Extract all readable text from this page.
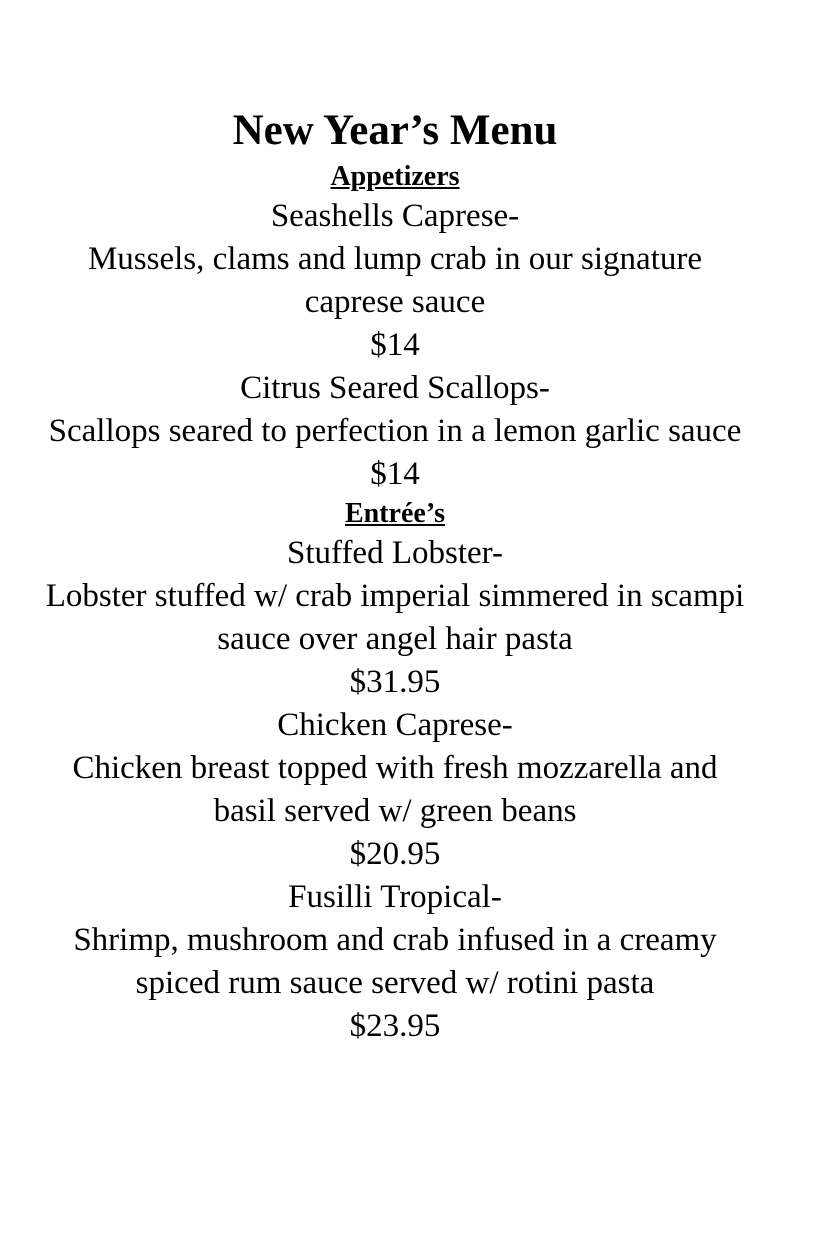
New Year’s Menu
Appetizers

Seashells Caprese-

Mussels, clams and lump crab in our signature caprese sauce

$14

Citrus Seared Scallops-

Scallops seared to perfection in a lemon garlic sauce

$14

Entrée’s

Stuffed Lobster-

Lobster stuffed w/ crab imperial simmered in scampi sauce over angel hair pasta

$31.95

Chicken Caprese-

Chicken breast topped with fresh mozzarella and basil served w/ green beans

$20.95

Fusilli Tropical-

Shrimp, mushroom and crab infused in a creamy spiced rum sauce served w/ rotini pasta

$23.95
